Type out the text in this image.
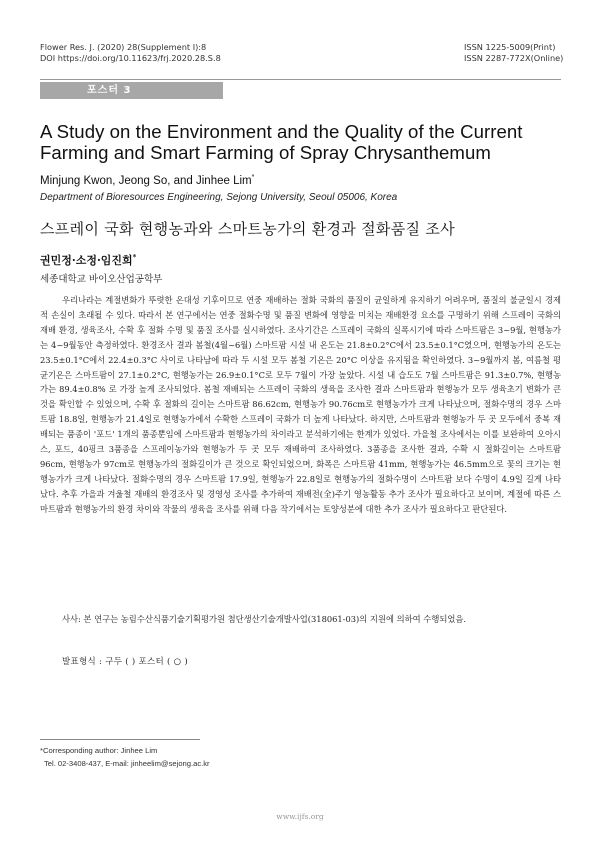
Flower Res. J. (2020) 28(Supplement I):8
DOI https://doi.org/10.11623/frj.2020.28.S.8
ISSN 1225-5009(Print)
ISSN 2287-772X(Online)
포스터 3
A Study on the Environment and the Quality of the Current Farming and Smart Farming of Spray Chrysanthemum
Minjung Kwon, Jeong So, and Jinhee Lim*
Department of Bioresources Engineering, Sejong University, Seoul 05006, Korea
스프레이 국화 현행농과와 스마트농가의 환경과 절화품질 조사
권민정·소정·임진희*
세종대학교 바이오산업공학부

우리나라는 계절변화가 뚜렷한 온대성 기후이므로 연중 재배하는 절화 국화의 품질이 균일하게 유지하기 어려우며, 품질의 불균일시 경제적 손실이 초래될 수 있다. 따라서 본 연구에서는 연중 절화수명 및 품질 변화에 영향을 미치는 재배환경 요소를 구명하기 위해 스프레이 국화의 재배 환경, 생육조사, 수확 후 절화 수명 및 품질 조사를 실시하였다. 조사기간은 스프레이 국화의 실폭시기에 따라 스마트팜은 3~9월, 현행농가는 4~9월동안 측정하였다. 환경조사 결과 봄철(4월~6월) 스마트팜 시설 내 온도는 21.8±0.2°C에서 23.5±0.1°C였으며, 현행농가의 온도는 23.5±0.1°C에서 22.4±0.3°C 사이로 나타남에 따라 두 시설 모두 봄철 기온은 20°C 이상을 유지됨을 확인하였다. 3~9월까지 봄, 여름철 평균기온은 스마트팜이 27.1±0.2°C, 현행농가는 26.9±0.1°C로 모두 7월이 가장 높았다. 시설 내 습도도 7월 스마트팜은 91.3±0.7%, 현행농가는 89.4±0.8% 로 가장 높게 조사되었다. 봄철 재배되는 스프레이 국화의 생육을 조사한 결과 스마트팜과 현행농가 모두 생육초기 변화가 큰 것을 확인할 수 있었으며, 수확 후 절화의 길이는 스마트팜 86.62cm, 현행농가 90.76cm로 현행농가가 크게 나타났으며, 절화수명의 경우 스마트팜 18.8일, 현행농가 21.4일로 현행농가에서 수확한 스프레이 국화가 더 높게 나타났다. 하지만, 스마트팜과 현행농가 두 곳 모두에서 중복 재배되는 품종이 '포드' 1개의 품종뿐임에 스마트팜과 현행농가의 차이라고 분석하기에는 한계가 있었다. 가을철 조사에서는 이를 보완하여 오아시스, 포드, 40핑크 3품종을 스프레이농가와 현행농가 두 곳 모두 재배하여 조사하였다. 3품종을 조사한 결과, 수확 시 절화길이는 스마트팜 96cm, 현행농가 97cm로 현행농가의 절화길이가 큰 것으로 확인되었으며, 화폭은 스마트팜 41mm, 현행농가는 46.5mm으로 꽃의 크기는 현행농가가 크게 나타났다. 절화수명의 경우 스마트팜 17.9일, 현행농가 22.8일로 현행농가의 절화수명이 스마트팜 보다 수명이 4.9일 길게 나타났다. 추후 가을과 겨울철 재배의 환경조사 및 경영성 조사를 추가하여 재배전(全)주기 영농활동 추가 조사가 필요하다고 보이며, 계절에 따른 스마트팜과 현행농가의 환경 차이와 작물의 생육을 조사를 위해 다음 작기에서는 토양성분에 대한 추가 조사가 필요하다고 판단된다.

사사: 본 연구는 농림수산식품기술기획평가원 첨단생산기술개발사업(318061-03)의 지원에 의하여 수행되었음.
발표형식 : 구두 ( ) 포스터 ( ○ )
*Corresponding author: Jinhee Lim
Tel. 02-3408-437, E-mail: jinheelim@sejong.ac.kr
www.ijfs.org
